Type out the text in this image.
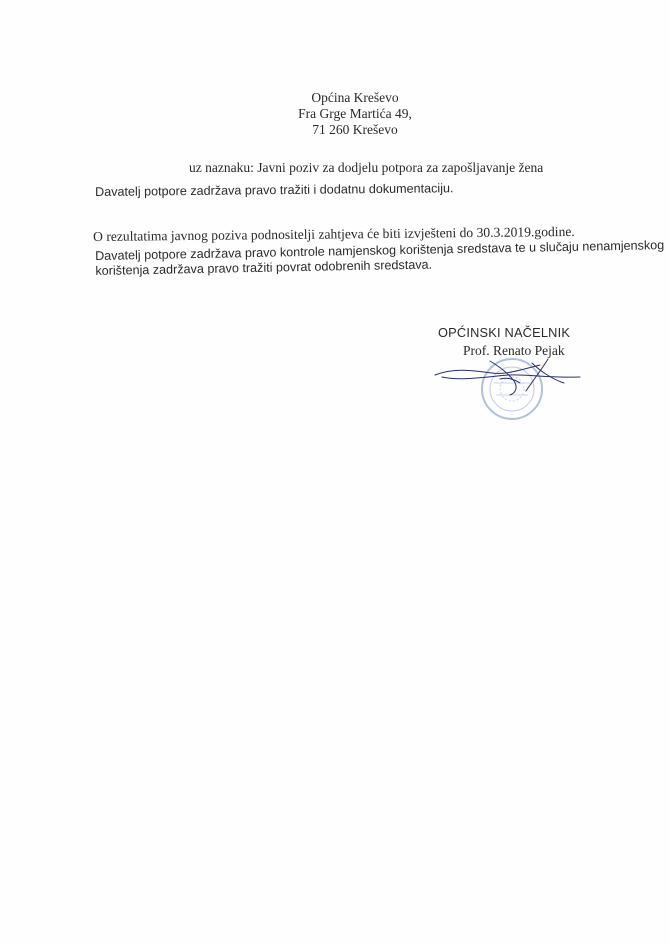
Općina Kreševo
Fra Grge Martića 49,
71 260 Kreševo
uz naznaku: Javni poziv za dodjelu potpora za zapošljavanje žena
Davatelj potpore zadržava pravo tražiti i dodatnu dokumentaciju.
O rezultatima javnog poziva podnositelji zahtjeva će biti izvješteni do 30.3.2019.godine.
Davatelj potpore zadržava pravo kontrole namjenskog korištenja sredstava te u slučaju nenamjenskog
korištenja zadržava pravo tražiti povrat odobrenih sredstava.
OPĆINSKI NAČELNIK
Prof. Renato Pejak
